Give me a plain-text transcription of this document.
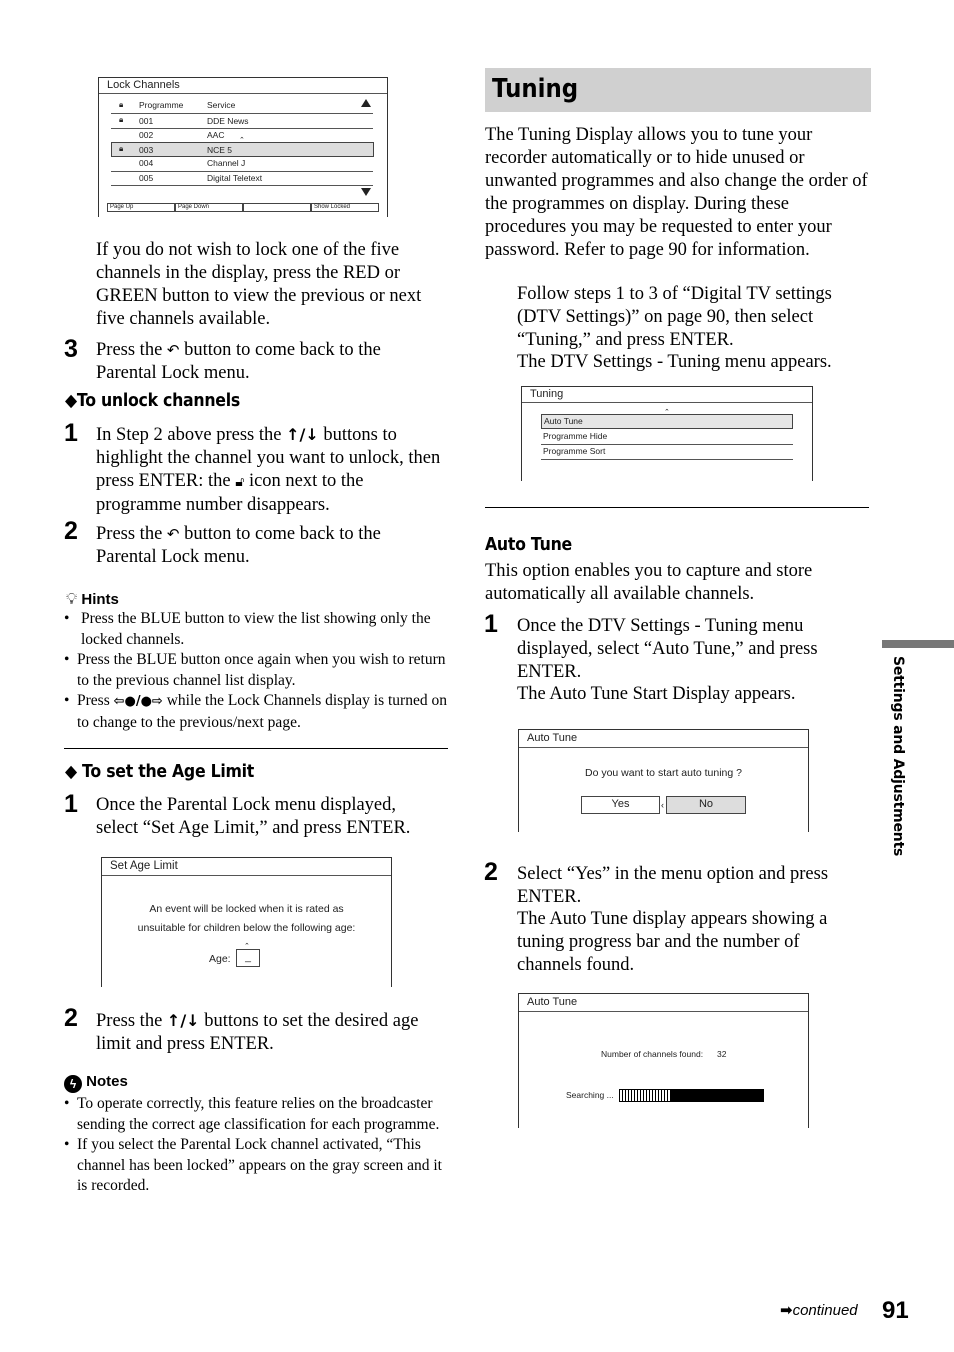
Lock Channels
Programme	Service
🔒︎
🔒︎ 001	DDE News
002	AAC
🔒︎ 003	NCE 5
⌃
004	Channel J
005	Digital Teletext
Page Up	Page Down	Show Locked
If you do not wish to lock one of the five channels in the display, press the RED or GREEN button to view the previous or next five channels available.
3 Press the ↶ button to come back to the Parental Lock menu.
◆To unlock channels
1 In Step 2 above press the ↑/↓ buttons to highlight the channel you want to unlock, then press ENTER: the 🔓︎ icon next to the programme number disappears.
2 Press the ↶ button to come back to the Parental Lock menu.
💡︎ Hints
• Press the BLUE button to view the list showing only the locked channels.
• Press the BLUE button once again when you wish to return to the previous channel list display.
• Press ⇦●/●⇨ while the Lock Channels display is turned on to change to the previous/next page.
◆ To set the Age Limit
1 Once the Parental Lock menu displayed, select “Set Age Limit,” and press ENTER.
Set Age Limit
An event will be locked when it is rated as
unsuitable for children below the following age:
Age:	_
⌃
2 Press the ↑/↓ buttons to set the desired age limit and press ENTER.
ϟ Notes
• To operate correctly, this feature relies on the broadcaster sending the correct age classification for each programme.
• If you select the Parental Lock channel activated, “This channel has been locked” appears on the gray screen and it is recorded.
Tuning
The Tuning Display allows you to tune your recorder automatically or to hide unused or unwanted programmes and also change the order of the programmes on display. During these procedures you may be requested to enter your password. Refer to page 90 for information.
Follow steps 1 to 3 of “Digital TV settings (DTV Settings)” on page 90, then select “Tuning,” and press ENTER.
The DTV Settings - Tuning menu appears.
Tuning
Auto Tune
⌃
Programme Hide
Programme Sort
Auto Tune
This option enables you to capture and store automatically all available channels.
1 Once the DTV Settings - Tuning menu displayed, select “Auto Tune,” and press ENTER.
The Auto Tune Start Display appears.
Auto Tune
Do you want to start auto tuning ?
Yes	No
‹
2 Select “Yes” in the menu option and press ENTER.
The Auto Tune display appears showing a tuning progress bar and the number of channels found.
Auto Tune
Number of channels found: 32
Searching ...
Settings and Adjustments
➡continued 91
